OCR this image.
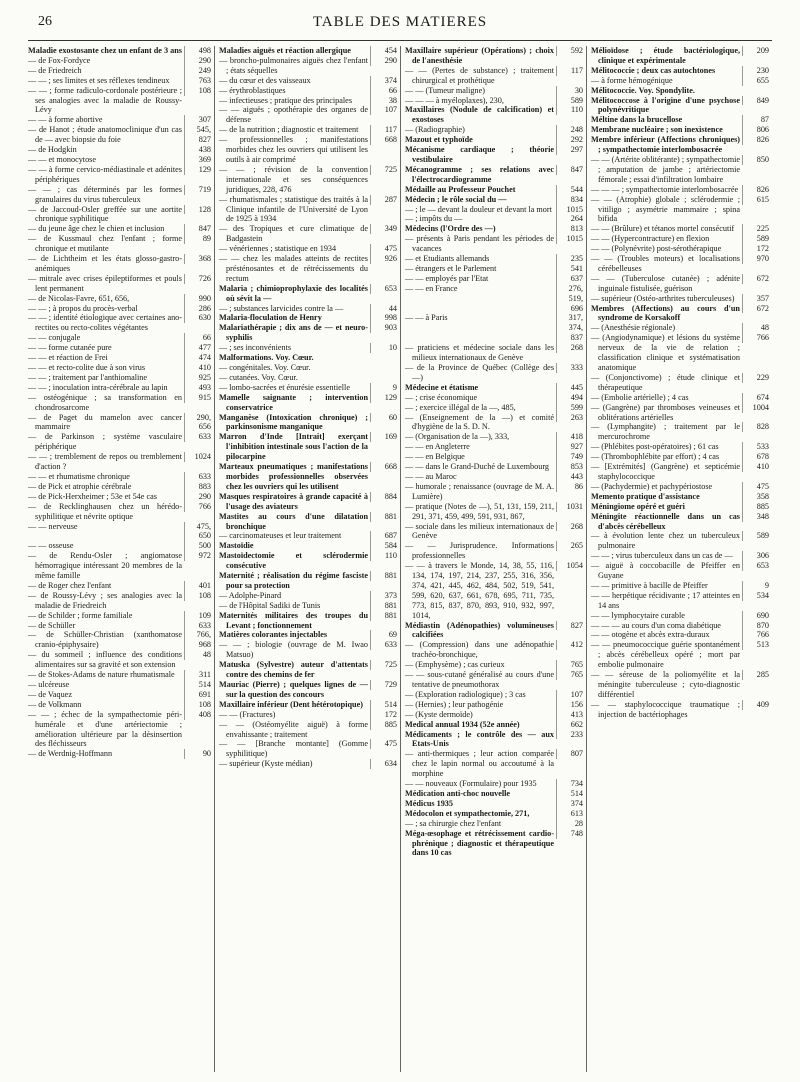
26	TABLE DES MATIERES
Maladie exostosante chez un enfant de 3 ans	498
— de Fox-Fordyce	290
— de Friedreich	249
— — ; ses limites et ses réflexes tendineux	763
— — ; forme radiculo-cordonale postérieure ; ses analogies avec la maladie de Roussy-Lévy
108
— — à forme abortive	307
— de Hanot ; étude anatomoclinique d'un cas de — avec biopsie du foie
545, 827
— de Hodgkin	438
— — et monocytose	369
— — à forme cervico-médiastinale et adénites périphériques
129
— — ; cas déterminés par les formes granulaires du virus tuberculeux
719
— de Jaccoud-Osler greffée sur une aortite chronique syphilitique
128
— du jeune âge chez le chien et inclusion	847
— de Kussmaul chez l'enfant ; forme chronique et mutilante
89
— de Lichtheim et les états glosso-gastro-anémiques
368
— mitrale avec crises épileptiformes et pouls lent permanent
726
— de Nicolas-Favre, 651, 656,	990
— — ; à propos du procès-verbal	286
— — ; identité étiologique avec certaines ano-rectites ou recto-colites végétantes
630
— — conjugale	66
— — forme cutanée pure	477
— — et réaction de Frei	474
— — et recto-colite due à son virus	410
— — ; traitement par l'anthiomaline	925
— — ; inoculation intra-cérébrale au lapin	493
— ostéogénique ; sa transformation en chondrosarcome
915
— de Paget du mamelon avec cancer mammaire
290, 656
— de Parkinson ; système vasculaire périphérique
633
— — ; tremblement de repos ou tremblement d'action ?
1024
— — et rhumatisme chronique	633
— de Pick et atrophie cérébrale	883
— de Pick-Herxheimer ; 53e et 54e cas	290
— de Recklinghausen chez un hérédo-syphilitique et névrite optique
766
— — nerveuse	475, 650
— — osseuse	500
— de Rendu-Osler ; angiomatose hémorragique intéressant 20 membres de la même famille
972
— de Roger chez l'enfant	401
— de Roussy-Lévy ; ses analogies avec la maladie de Friedreich
108
— de Schilder ; forme familiale	109
— de Schüller	633
— de Schüller-Christian (xanthomatose cranio-épiphysaire)
766, 968
— du sommeil ; influence des conditions alimentaires sur sa gravité et son extension
48
— de Stokes-Adams de nature rhumatismale	311
— ulcéreuse	514
— de Vaquez	691
— de Volkmann	108
— — ; échec de la sympathectomie péri-humérale et d'une artériectomie ; amélioration ultérieure par la désinsertion des fléchisseurs
408
— de Werdnig-Hoffmann	90
Maladies aiguës et réaction allergique	454
— broncho-pulmonaires aiguës chez l'enfant ; états séquelles
290
— du cœur et des vaisseaux	374
— érythroblastiques	66
— infectieuses ; pratique des principales	38
— — aiguës ; opothérapie des organes de défense
107
— de la nutrition ; diagnostic et traitement	117
— professionnelles ; manifestations morbides chez les ouvriers qui utilisent les outils à air comprimé
668
— — ; révision de la convention internationale et ses conséquences juridiques, 228, 476
725
— rhumatismales ; statistique des traités à la Clinique infantile de l'Université de Lyon de 1925 à 1934
287
— des Tropiques et cure climatique de Badgastein
349
— vénériennes ; statistique en 1934	475
— — chez les malades atteints de rectites présténosantes et de rétrécissements du rectum
926
Malaria ; chimioprophylaxie des localités où sévit la —
653
— ; substances larvicides contre la —	44
Malaria-floculation de Henry	998
Malariathérapie ; dix ans de — et neuro-syphilis
903
— ; ses inconvénients	10
Malformations. Voy. Cœur.
— congénitales. Voy. Cœur.
— cutanées. Voy. Cœur.
— lombo-sacrées et énurésie essentielle	9
Mamelle saignante ; intervention conservatrice
129
Manganèse (Intoxication chronique) ; parkinsonisme manganique
60
Marron d'Inde [Intrait] exerçant l'inhibition intestinale sous l'action de la pilocarpine
169
Marteaux pneumatiques ; manifestations morbides professionnelles observées chez les ouvriers qui les utilisent
668
Masques respiratoires à grande capacité à l'usage des aviateurs
884
Mastites au cours d'une dilatation bronchique
881
— carcinomateuses et leur traitement	687
Mastoïdie	584
Mastoïdectomie et sclérodermie consécutive
110
Maternité ; réalisation du régime fasciste pour sa protection
881
— Adolphe-Pinard	373
— de l'Hôpital Sadiki de Tunis	881
Maternités militaires des troupes du Levant ; fonctionnement
881
Matières colorantes injectables	69
— — ; biologie (ouvrage de M. Iwao Matsuo)
633
Matuska (Sylvestre) auteur d'attentats contre des chemins de fer
725
Mauriac (Pierre) ; quelques lignes de — sur la question des concours
729
Maxillaire inférieur (Dent hétérotopique)	514
— — (Fractures)	172
— — (Ostéomyélite aiguë) à forme envahissante ; traitement
885
— — [Branche montante] (Gomme syphilitique)
475
— supérieur (Kyste médian)	634
Maxillaire supérieur (Opérations) ; choix de l'anesthésie
592
— — (Pertes de substance) ; traitement chirurgical et prothétique
117
— — (Tumeur maligne)	30
— — — à myéloplaxes), 230,	589
Maxillaires (Nodule de calcification) et exostoses
110
— (Radiographie)	248
Mazout et typhoïde	292
Mécanisme cardiaque ; théorie vestibulaire
297
Mécanogramme ; ses relations avec l'électrocardiogramme
847
Médaille au Professeur Pouchet	544
Médecin ; le rôle social du —	834
— ; le — devant la douleur et devant la mort	1015
— ; impôts du —	264
Médecins (l'Ordre des —)	813
— présents à Paris pendant les périodes de vacances
1015
— et Etudiants allemands	235
— étrangers et le Parlement	541
— — employés par l'Etat	637
— — en France	276, 519, 696
— — à Paris	317, 374, 837
— praticiens et médecine sociale dans les milieux internationaux de Genève
268
— de la Province de Québec (Collège des —)
333
Médecine et étatisme	445
— ; crise économique	494
— ; exercice illégal de la —, 485,	599
— (Enseignement de la —) et comité d'hygiène de la S. D. N.
263
— (Organisation de la —), 333,	418
— — en Angleterre	927
— — en Belgique	749
— — dans le Grand-Duché de Luxembourg	853
— — au Maroc	443
— humorale ; renaissance (ouvrage de M. A. Lumière)
86
— pratique (Notes de —), 51, 131, 159, 211, 291, 371, 459, 499, 591, 931, 867,
1031
— sociale dans les milieux internationaux de Genève
268
— — Jurisprudence. Informations professionnelles
265
— — à travers le Monde, 14, 38, 55, 116, 134, 174, 197, 214, 237, 255, 316, 356, 374, 421, 445, 462, 484, 502, 519, 541, 599, 620, 637, 661, 678, 695, 711, 735, 773, 815, 837, 870, 893, 910, 932, 997, 1014,
1054
Médiastin (Adénopathies) volumineuses calcifiées
827
— (Compression) dans une adénopathie trachéo-bronchique,
412
— (Emphysème) ; cas curieux	765
— — sous-cutané généralisé au cours d'une tentative de pneumothorax
765
— (Exploration radiologique) ; 3 cas	107
— (Hernies) ; leur pathogénie	156
— (Kyste dermoïde)	413
Medical annual 1934 (52e année)	662
Médicaments ; le contrôle des — aux Etats-Unis
233
— anti-thermiques ; leur action comparée chez le lapin normal ou accoutumé à la morphine
807
— — nouveaux (Formulaire) pour 1935	734
Médication anti-choc nouvelle	514
Médicus 1935	374
Médocolon et sympathectomie, 271,	613
— ; sa chirurgie chez l'enfant	28
Méga-œsophage et rétrécissement cardio-phrénique ; diagnostic et thérapeutique dans 10 cas
748
Mélioïdose ; étude bactériologique, clinique et expérimentale
209
Mélitococcie ; deux cas autochtones	230
— à forme hémogénique	655
Mélitococcie. Voy. Spondylite.
Mélitococcose à l'origine d'une psychose polynévritique
849
Méltine dans la brucellose	87
Membrane nucléaire ; son inexistence	806
Membre inférieur (Affections chroniques) ; sympathectomie interlombosacrée
826
— — (Artérite oblitérante) ; sympathectomie ; amputation de jambe ; artériectomie fémorale ; essai d'infiltration lombaire
850
— — — ; sympathectomie interlombosacrée	826
— — (Atrophie) globale ; sclérodermie ; vitiligo ; asymétrie mammaire ; spina bifida
615
— — (Brûlure) et tétanos mortel consécutif	225
— — (Hypercontracture) en flexion	589
— — (Polynévrite) post-sérothérapique	172
— — (Troubles moteurs) et localisations cérébelleuses
970
— — (Tuberculose cutanée) ; adénite inguinale fistulisée, guérison
672
— supérieur (Ostéo-arthrites tuberculeuses)	357
Membres (Affections) au cours d'un syndrome de Korsakoff
672
— (Anesthésie régionale)	48
— (Angiodynamique) et lésions du système nerveux de la vie de relation ; classification clinique et systématisation anatomique
766
— (Conjonctivome) ; étude clinique et thérapeutique
229
— (Embolie artérielle) ; 4 cas	674
— (Gangrène) par thromboses veineuses et oblitérations artérielles
1004
— (Lymphangite) ; traitement par le mercurochrome
828
— (Phlébites post-opératoires) ; 61 cas	533
— (Thrombophlébite par effort) ; 4 cas	678
— [Extrémités] (Gangrène) et septicémie staphylococcique
410
— (Pachydermie) et pachypériostose	475
Memento pratique d'assistance	358
Méningiome opéré et guéri	885
Méningite réactionnelle dans un cas d'abcès cérébelleux
348
— à évolution lente chez un tuberculeux pulmonaire
589
— — ; virus tuberculeux dans un cas de —	306
— aiguë à coccobacille de Pfeiffer en Guyane
653
— — primitive à bacille de Pfeiffer	9
— — herpétique récidivante ; 17 atteintes en 14 ans
534
— — lymphocytaire curable	690
— — — au cours d'un coma diabétique	870
— — otogène et abcès extra-duraux	766
— — pneumococcique guérie spontanément ; abcès cérébelleux opéré ; mort par embolie pulmonaire
513
— — séreuse de la poliomyélite et la méningite tuberculeuse ; cyto-diagnostic différentiel
285
— — staphylococcique traumatique ; injection de bactériophages
409
